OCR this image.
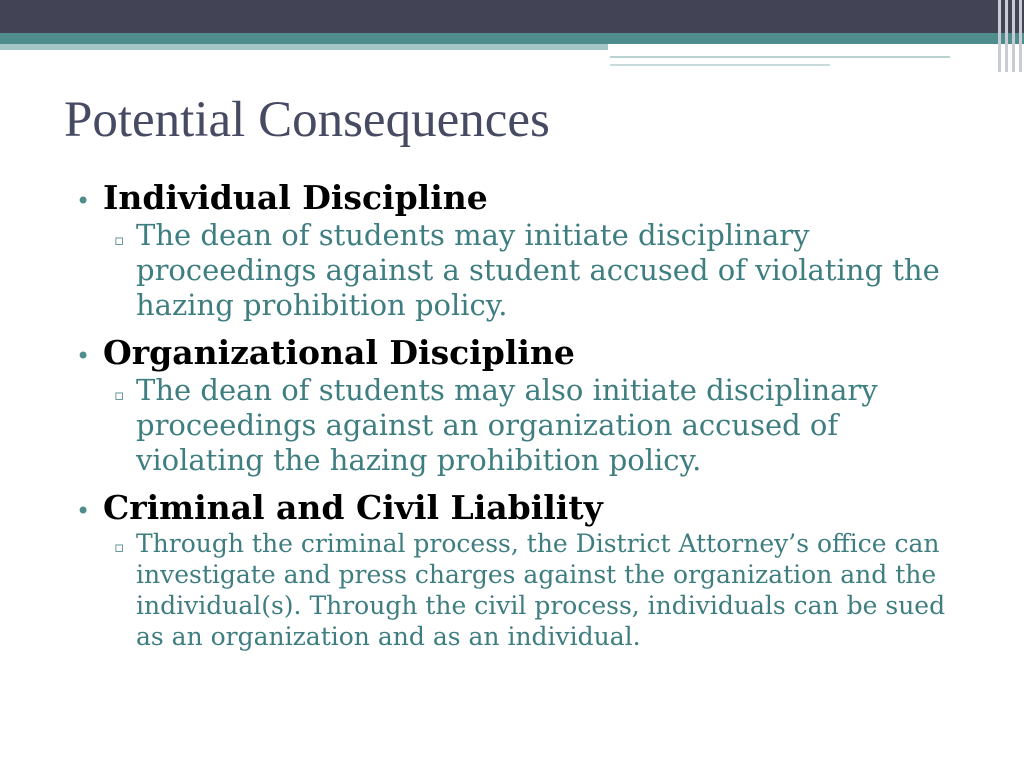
Potential Consequences
• Individual Discipline
▫ The dean of students may initiate disciplinary proceedings against a student accused of violating the hazing prohibition policy.
• Organizational Discipline
▫ The dean of students may also initiate disciplinary proceedings against an organization accused of violating the hazing prohibition policy.
• Criminal and Civil Liability
▫ Through the criminal process, the District Attorney’s office can investigate and press charges against the organization and the individual(s). Through the civil process, individuals can be sued as an organization and as an individual.
